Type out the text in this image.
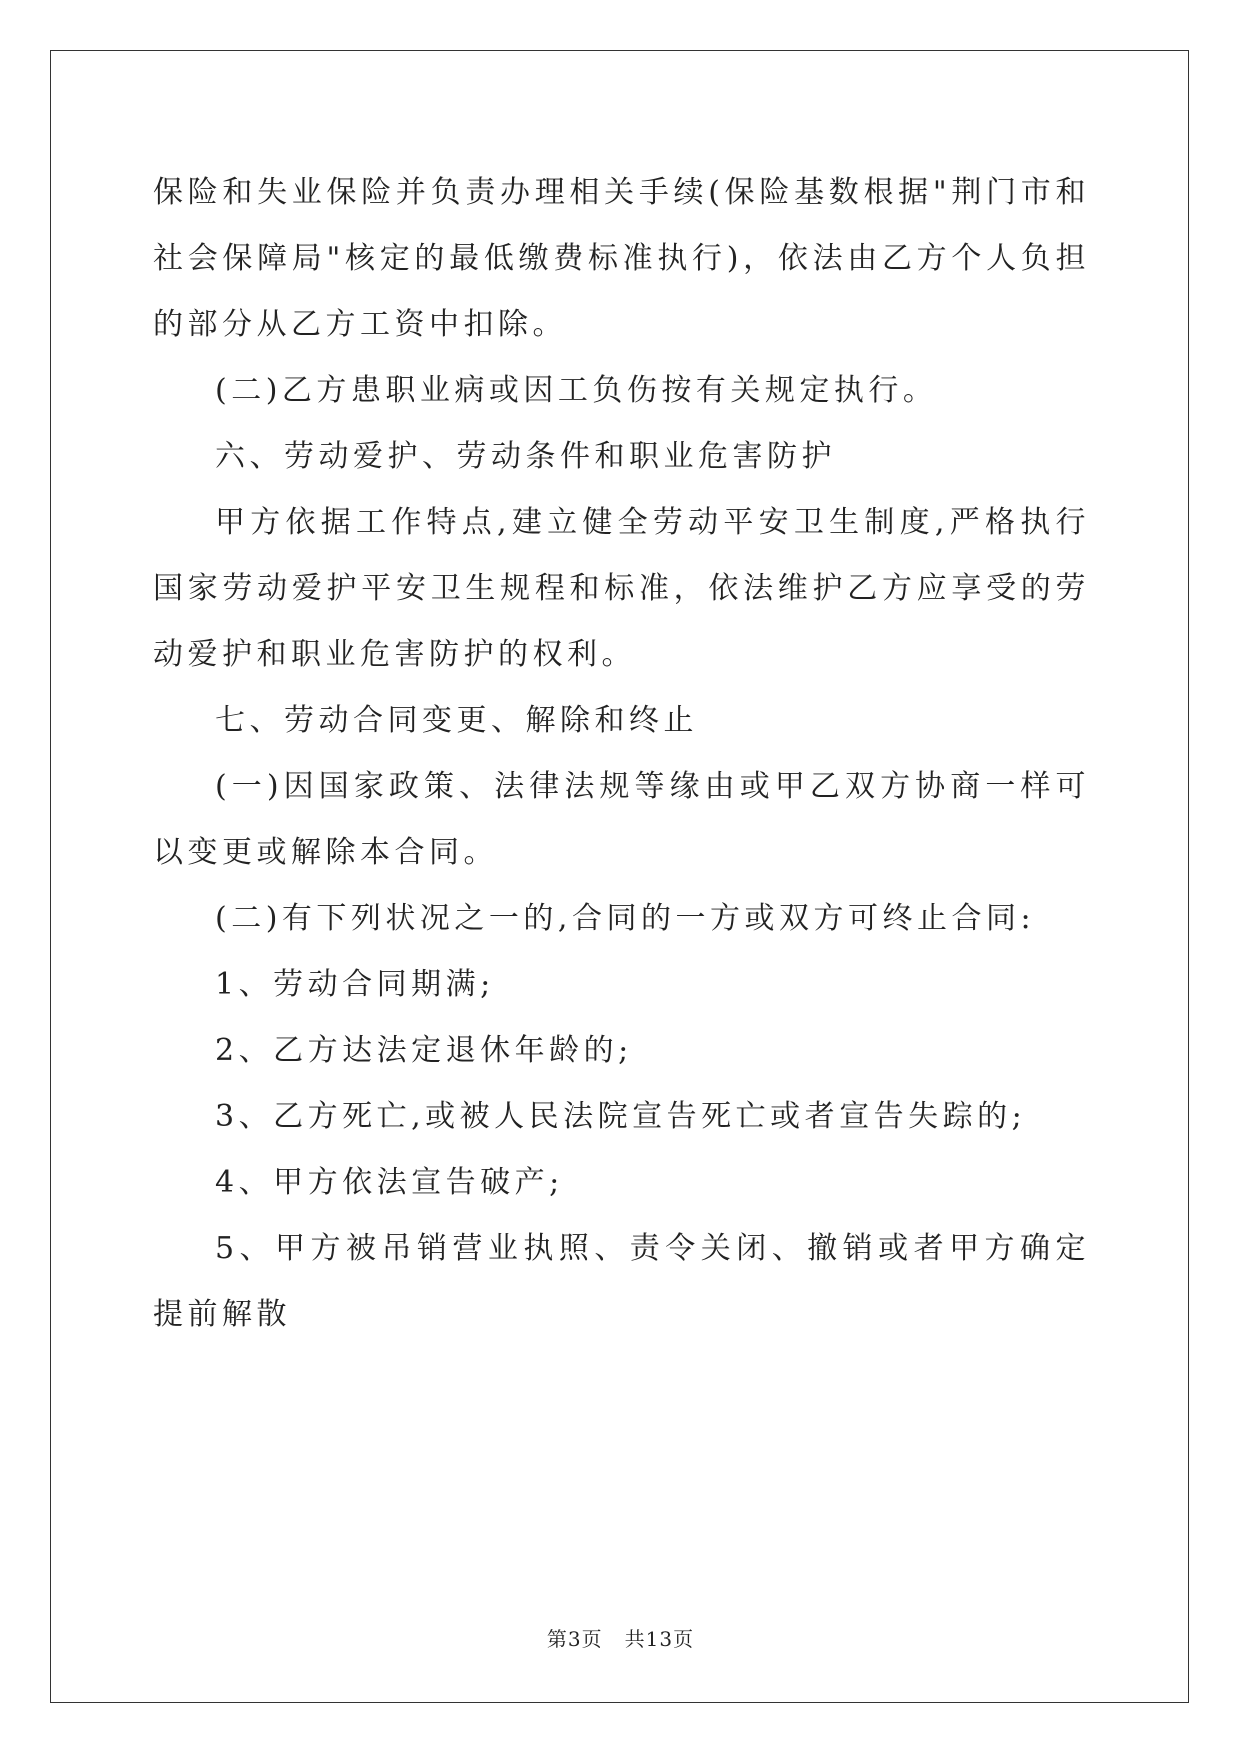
保险和失业保险并负责办理相关手续(保险基数根据"荆门市和社会保障局"核定的最低缴费标准执行)，依法由乙方个人负担的部分从乙方工资中扣除。

(二)乙方患职业病或因工负伤按有关规定执行。

六、劳动爱护、劳动条件和职业危害防护

甲方依据工作特点,建立健全劳动平安卫生制度,严格执行国家劳动爱护平安卫生规程和标准，依法维护乙方应享受的劳动爱护和职业危害防护的权利。

七、劳动合同变更、解除和终止

(一)因国家政策、法律法规等缘由或甲乙双方协商一样可以变更或解除本合同。

(二)有下列状况之一的,合同的一方或双方可终止合同:

1、劳动合同期满;

2、乙方达法定退休年龄的;

3、乙方死亡,或被人民法院宣告死亡或者宣告失踪的;

4、甲方依法宣告破产;

5、甲方被吊销营业执照、责令关闭、撤销或者甲方确定提前解散

第3页 共13页
